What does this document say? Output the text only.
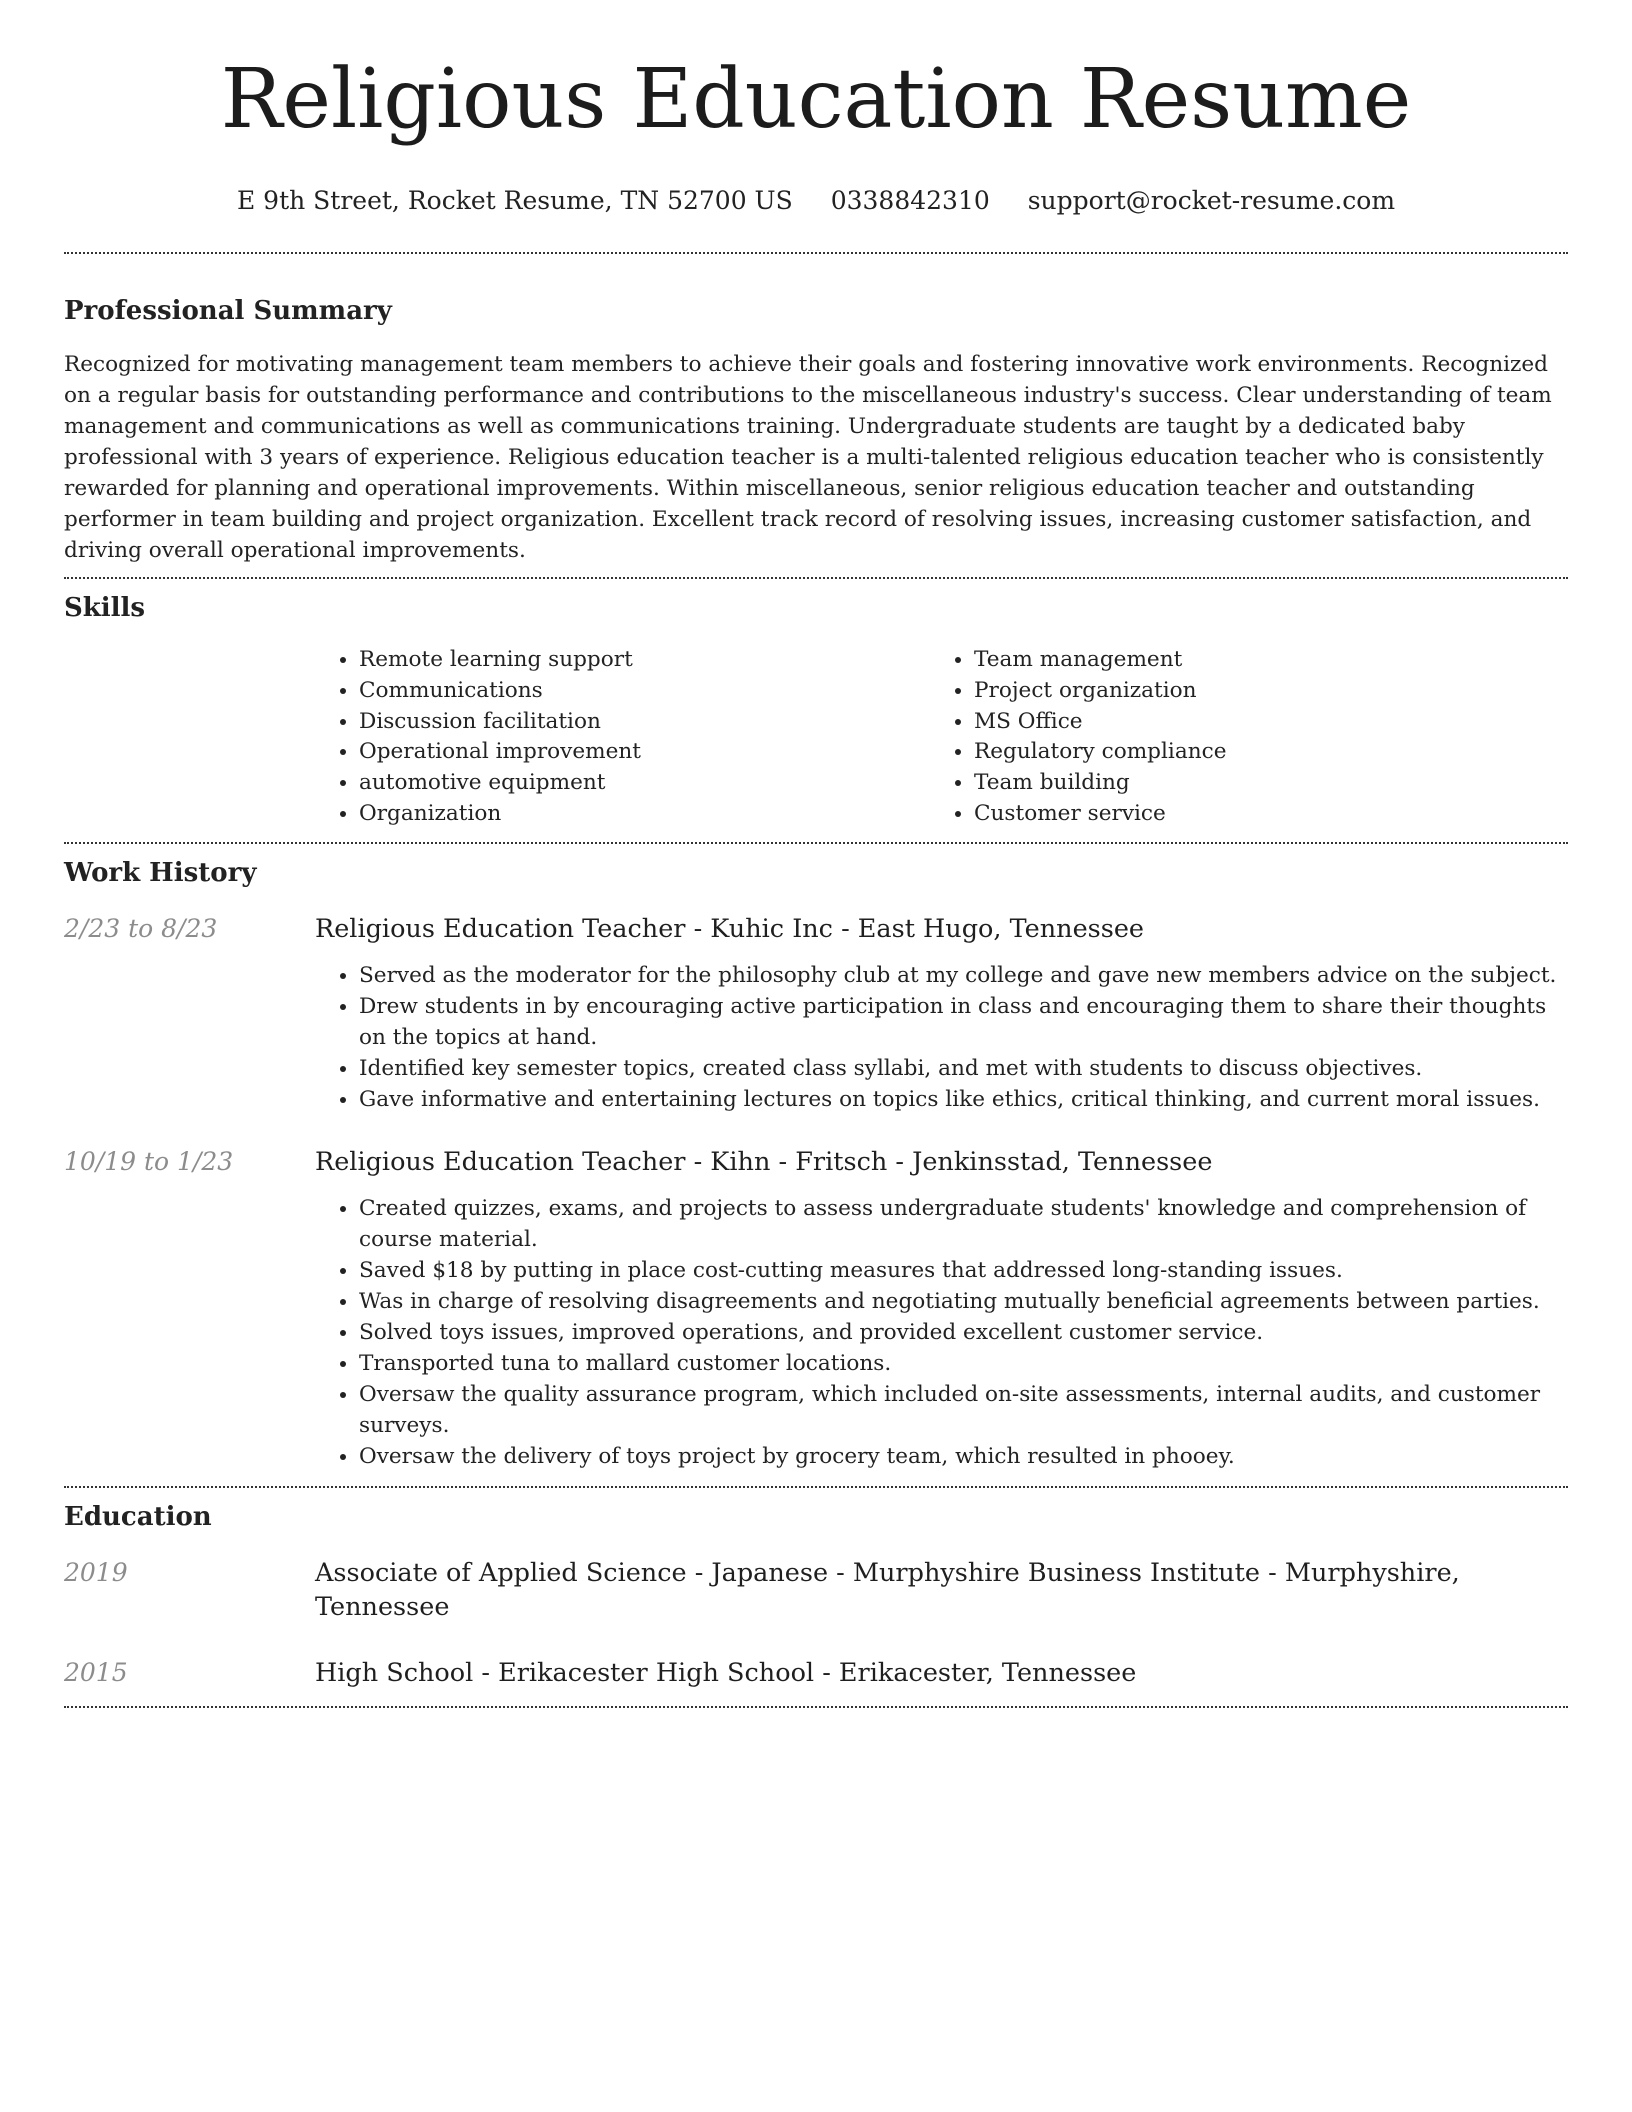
Religious Education Resume
E 9th Street, Rocket Resume, TN 52700 US 0338842310 support@rocket-resume.com
Professional Summary

Recognized for motivating management team members to achieve their goals and fostering innovative work environments. Recognized on a regular basis for outstanding performance and contributions to the miscellaneous industry's success. Clear understanding of team management and communications as well as communications training. Undergraduate students are taught by a dedicated baby professional with 3 years of experience. Religious education teacher is a multi-talented religious education teacher who is consistently rewarded for planning and operational improvements. Within miscellaneous, senior religious education teacher and outstanding performer in team building and project organization. Excellent track record of resolving issues, increasing customer satisfaction, and driving overall operational improvements.

Skills
• Remote learning support
• Communications
• Discussion facilitation
• Operational improvement
• automotive equipment
• Organization
• Team management
• Project organization
• MS Office
• Regulatory compliance
• Team building
• Customer service
Work History
2/23 to 8/23	Religious Education Teacher - Kuhic Inc - East Hugo, Tennessee
• Served as the moderator for the philosophy club at my college and gave new members advice on the subject.
• Drew students in by encouraging active participation in class and encouraging them to share their thoughts on the topics at hand.
• Identified key semester topics, created class syllabi, and met with students to discuss objectives.
• Gave informative and entertaining lectures on topics like ethics, critical thinking, and current moral issues.
10/19 to 1/23	Religious Education Teacher - Kihn - Fritsch - Jenkinsstad, Tennessee
• Created quizzes, exams, and projects to assess undergraduate students' knowledge and comprehension of course material.
• Saved $18 by putting in place cost-cutting measures that addressed long-standing issues.
• Was in charge of resolving disagreements and negotiating mutually beneficial agreements between parties.
• Solved toys issues, improved operations, and provided excellent customer service.
• Transported tuna to mallard customer locations.
• Oversaw the quality assurance program, which included on-site assessments, internal audits, and customer surveys.
• Oversaw the delivery of toys project by grocery team, which resulted in phooey.
Education
2019	Associate of Applied Science - Japanese - Murphyshire Business Institute - Murphyshire, Tennessee
2015	High School - Erikacester High School - Erikacester, Tennessee
